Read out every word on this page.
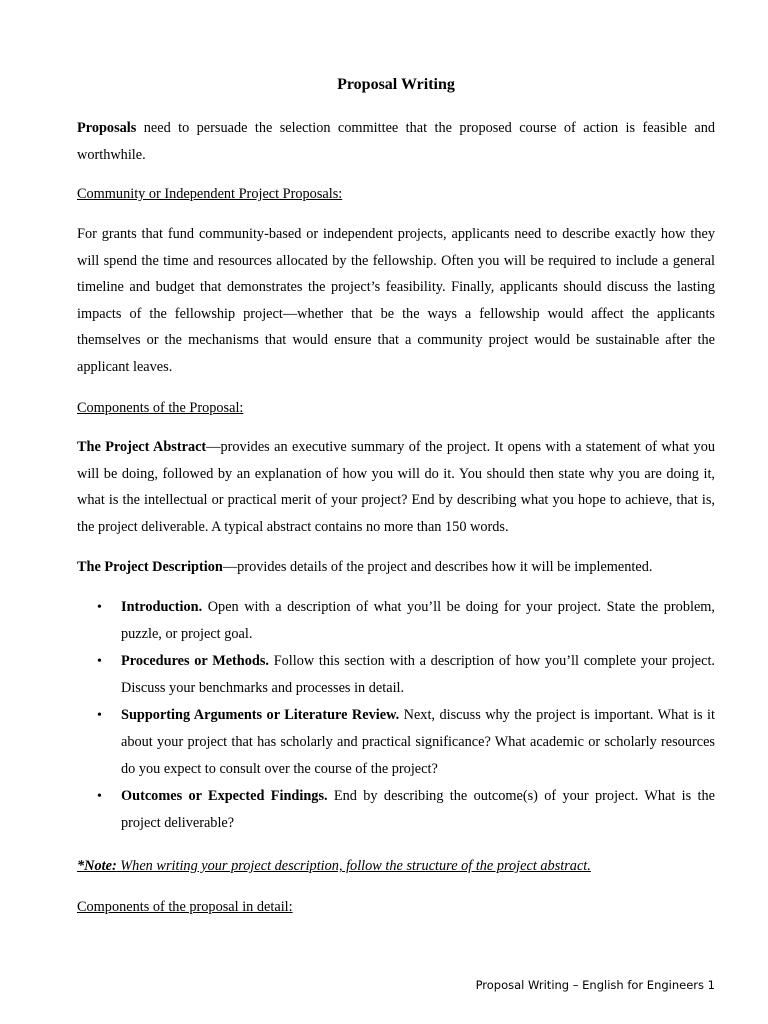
Proposal Writing

Proposals need to persuade the selection committee that the proposed course of action is feasible and worthwhile.

Community or Independent Project Proposals:

For grants that fund community-based or independent projects, applicants need to describe exactly how they will spend the time and resources allocated by the fellowship. Often you will be required to include a general timeline and budget that demonstrates the project’s feasibility. Finally, applicants should discuss the lasting impacts of the fellowship project—whether that be the ways a fellowship would affect the applicants themselves or the mechanisms that would ensure that a community project would be sustainable after the applicant leaves.

Components of the Proposal:

The Project Abstract—provides an executive summary of the project. It opens with a statement of what you will be doing, followed by an explanation of how you will do it. You should then state why you are doing it, what is the intellectual or practical merit of your project? End by describing what you hope to achieve, that is, the project deliverable. A typical abstract contains no more than 150 words.

The Project Description—provides details of the project and describes how it will be implemented.

• Introduction. Open with a description of what you’ll be doing for your project. State the problem, puzzle, or project goal.
• Procedures or Methods. Follow this section with a description of how you’ll complete your project. Discuss your benchmarks and processes in detail.
• Supporting Arguments or Literature Review. Next, discuss why the project is important. What is it about your project that has scholarly and practical significance? What academic or scholarly resources do you expect to consult over the course of the project?
• Outcomes or Expected Findings. End by describing the outcome(s) of your project. What is the project deliverable?

*Note: When writing your project description, follow the structure of the project abstract.

Components of the proposal in detail:

Proposal Writing – English for Engineers 1
